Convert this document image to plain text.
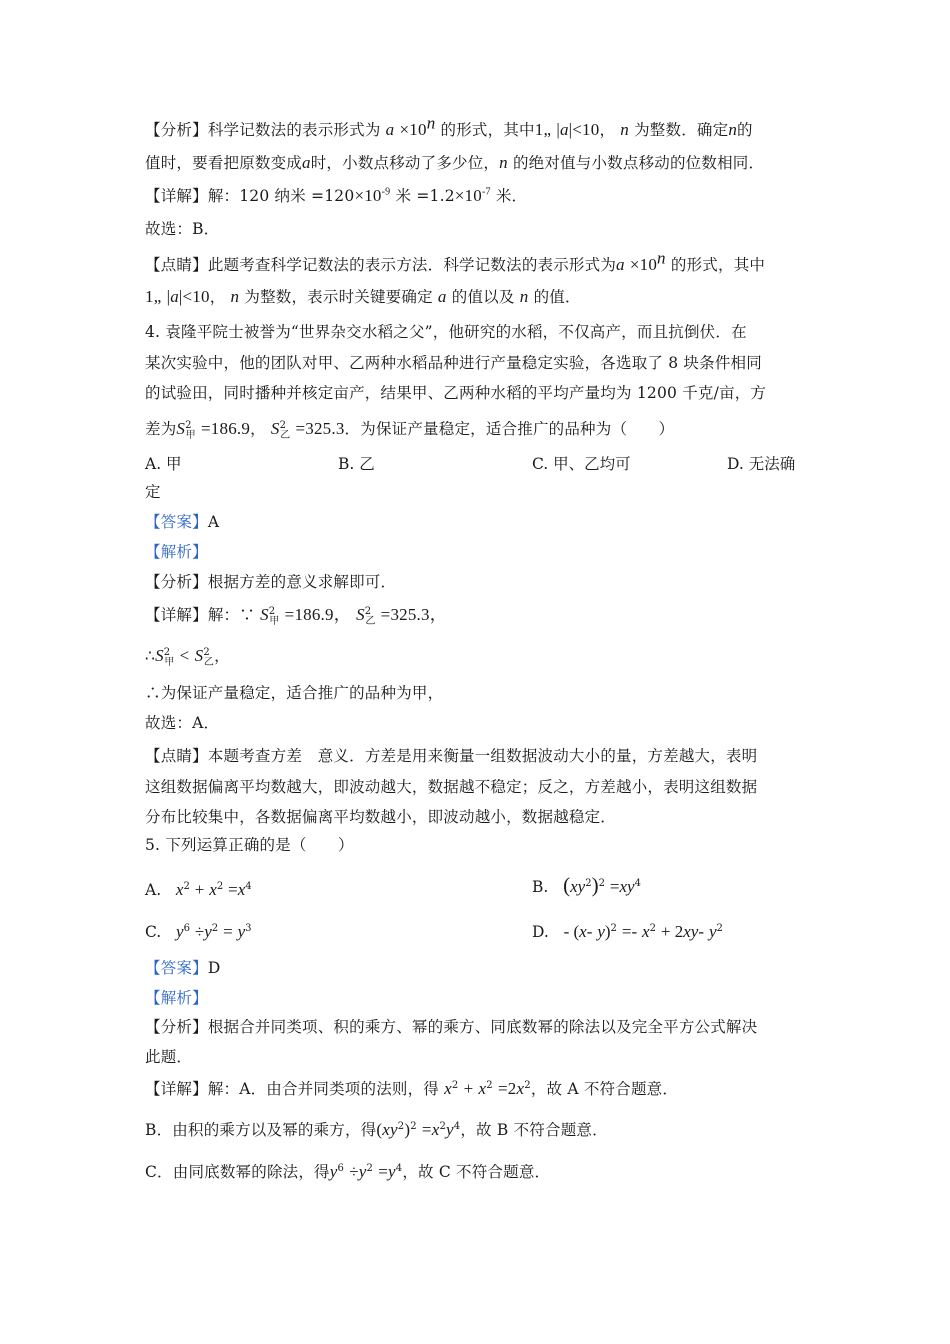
【分析】科学记数法的表示形式为 $a \times 10^n$ 的形式，其中1„ |a|<10， n 为整数．确定n的
值时，要看把原数变成a时，小数点移动了多少位，n 的绝对值与小数点移动的位数相同．
【详解】解：120 纳米 $=120\times 10^{-9}$ 米 $=1.2\times 10^{-7}$ 米．
故选：B．
【点睛】此题考查科学记数法的表示方法．科学记数法的表示形式为$a \times 10^n$ 的形式，其中
1„ |a|<10， n 为整数，表示时关键要确定 a 的值以及 n 的值．
4. 袁隆平院士被誉为“世界杂交水稻之父”，他研究的水稻，不仅高产，而且抗倒伏．在
某次实验中，他的团队对甲、乙两种水稻品种进行产量稳定实验，各选取了 8 块条件相同
的试验田，同时播种并核定亩产，结果甲、乙两种水稻的平均产量均为 1200 千克/亩，方
差为$S^2_甲 =186.9$， $S^2_乙 =325.3$．为保证产量稳定，适合推广的品种为（　　）
A. 甲	B. 乙	C. 甲、乙均可	D. 无法确
定
【答案】A
【解析】
【分析】根据方差的意义求解即可．
【详解】解：∵ $S^2_甲 =186.9$， $S^2_乙 =325.3$，
$\therefore S^2_甲 < S^2_乙$，
∴为保证产量稳定，适合推广的品种为甲，
故选：A．
【点睛】本题考查方差　意义．方差是用来衡量一组数据波动大小的量，方差越大，表明
这组数据偏离平均数越大，即波动越大，数据越不稳定；反之，方差越小，表明这组数据
分布比较集中，各数据偏离平均数越小，即波动越小，数据越稳定．
5. 下列运算正确的是（　　）
A. $x^2 + x^2 =x^4$	B. $(xy^2)^2 =xy^4$
C. $y^6 \div y^2 = y^3$	D. - (x- $y)^2 =- x^2 + 2xy-$ $y^2$
【答案】D
【解析】
【分析】根据合并同类项、积的乘方、幂的乘方、同底数幂的除法以及完全平方公式解决
此题．
【详解】解：A．由合并同类项的法则，得 $x^2 + x^2 =2x^2$，故 A 不符合题意．
B．由积的乘方以及幂的乘方，得$(xy^2)^2 =x^2y^4$，故 B 不符合题意．
C．由同底数幂的除法，得$y^6 \div y^2 =y^4$，故 C 不符合题意．
